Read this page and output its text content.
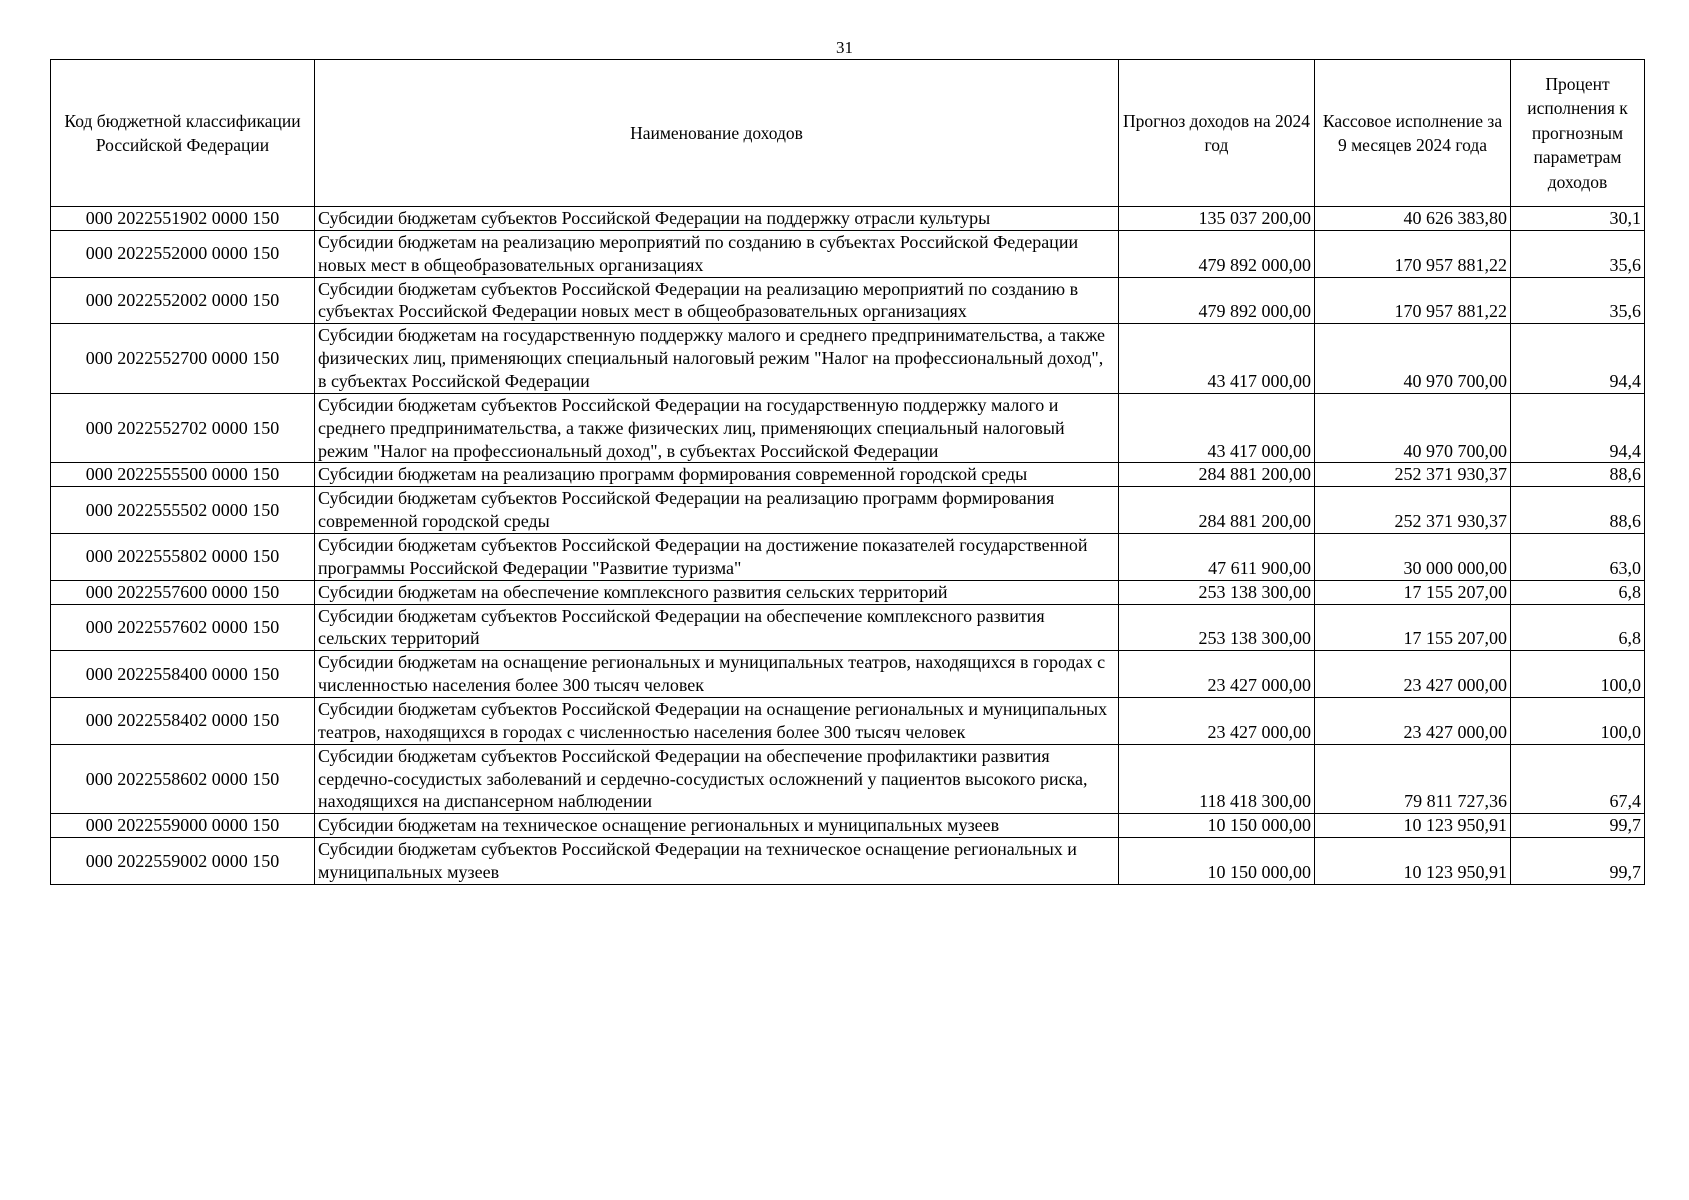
31
Код бюджетной классификации Российской Федерации	Наименование доходов	Прогноз доходов на 2024 год	Кассовое исполнение за 9 месяцев 2024 года	Процент исполнения к прогнозным параметрам доходов
000 2022551902 0000 150	Субсидии бюджетам субъектов Российской Федерации на поддержку отрасли культуры	135 037 200,00	40 626 383,80	30,1
000 2022552000 0000 150	Субсидии бюджетам на реализацию мероприятий по созданию в субъектах Российской Федерации новых мест в общеобразовательных организациях	479 892 000,00	170 957 881,22	35,6
000 2022552002 0000 150	Субсидии бюджетам субъектов Российской Федерации на реализацию мероприятий по созданию в субъектах Российской Федерации новых мест в общеобразовательных организациях	479 892 000,00	170 957 881,22	35,6
000 2022552700 0000 150	Субсидии бюджетам на государственную поддержку малого и среднего предпринимательства, а также физических лиц, применяющих специальный налоговый режим "Налог на профессиональный доход", в субъектах Российской Федерации	43 417 000,00	40 970 700,00	94,4
000 2022552702 0000 150	Субсидии бюджетам субъектов Российской Федерации на государственную поддержку малого и среднего предпринимательства, а также физических лиц, применяющих специальный налоговый режим "Налог на профессиональный доход", в субъектах Российской Федерации	43 417 000,00	40 970 700,00	94,4
000 2022555500 0000 150	Субсидии бюджетам на реализацию программ формирования современной городской среды	284 881 200,00	252 371 930,37	88,6
000 2022555502 0000 150	Субсидии бюджетам субъектов Российской Федерации на реализацию программ формирования современной городской среды	284 881 200,00	252 371 930,37	88,6
000 2022555802 0000 150	Субсидии бюджетам субъектов Российской Федерации на достижение показателей государственной программы Российской Федерации "Развитие туризма"	47 611 900,00	30 000 000,00	63,0
000 2022557600 0000 150	Субсидии бюджетам на обеспечение комплексного развития сельских территорий	253 138 300,00	17 155 207,00	6,8
000 2022557602 0000 150	Субсидии бюджетам субъектов Российской Федерации на обеспечение комплексного развития сельских территорий	253 138 300,00	17 155 207,00	6,8
000 2022558400 0000 150	Субсидии бюджетам на оснащение региональных и муниципальных театров, находящихся в городах с численностью населения более 300 тысяч человек	23 427 000,00	23 427 000,00	100,0
000 2022558402 0000 150	Субсидии бюджетам субъектов Российской Федерации на оснащение региональных и муниципальных театров, находящихся в городах с численностью населения более 300 тысяч человек	23 427 000,00	23 427 000,00	100,0
000 2022558602 0000 150	Субсидии бюджетам субъектов Российской Федерации на обеспечение профилактики развития сердечно-сосудистых заболеваний и сердечно-сосудистых осложнений у пациентов высокого риска, находящихся на диспансерном наблюдении	118 418 300,00	79 811 727,36	67,4
000 2022559000 0000 150	Субсидии бюджетам на техническое оснащение региональных и муниципальных музеев	10 150 000,00	10 123 950,91	99,7
000 2022559002 0000 150	Субсидии бюджетам субъектов Российской Федерации на техническое оснащение региональных и муниципальных музеев	10 150 000,00	10 123 950,91	99,7
